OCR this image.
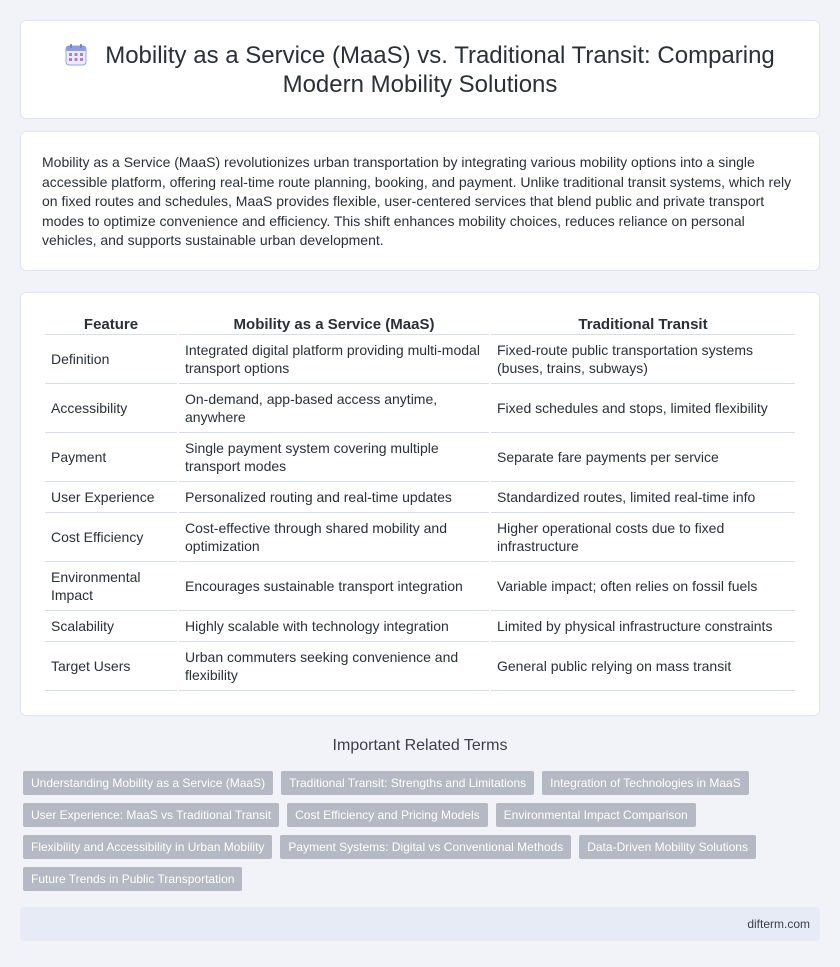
Mobility as a Service (MaaS) vs. Traditional Transit: Comparing Modern Mobility Solutions

Mobility as a Service (MaaS) revolutionizes urban transportation by integrating various mobility options into a single accessible platform, offering real-time route planning, booking, and payment. Unlike traditional transit systems, which rely on fixed routes and schedules, MaaS provides flexible, user-centered services that blend public and private transport modes to optimize convenience and efficiency. This shift enhances mobility choices, reduces reliance on personal vehicles, and supports sustainable urban development.

Feature	Mobility as a Service (MaaS)	Traditional Transit
Definition	Integrated digital platform providing multi-modal transport options	Fixed-route public transportation systems (buses, trains, subways)
Accessibility	On-demand, app-based access anytime, anywhere	Fixed schedules and stops, limited flexibility
Payment	Single payment system covering multiple transport modes	Separate fare payments per service
User Experience	Personalized routing and real-time updates	Standardized routes, limited real-time info
Cost Efficiency	Cost-effective through shared mobility and optimization	Higher operational costs due to fixed infrastructure
Environmental Impact	Encourages sustainable transport integration	Variable impact; often relies on fossil fuels
Scalability	Highly scalable with technology integration	Limited by physical infrastructure constraints
Target Users	Urban commuters seeking convenience and flexibility	General public relying on mass transit
Important Related Terms
Understanding Mobility as a Service (MaaS)	Traditional Transit: Strengths and Limitations	Integration of Technologies in MaaS
User Experience: MaaS vs Traditional Transit	Cost Efficiency and Pricing Models	Environmental Impact Comparison
Flexibility and Accessibility in Urban Mobility	Payment Systems: Digital vs Conventional Methods	Data-Driven Mobility Solutions
Future Trends in Public Transportation
difterm.com
